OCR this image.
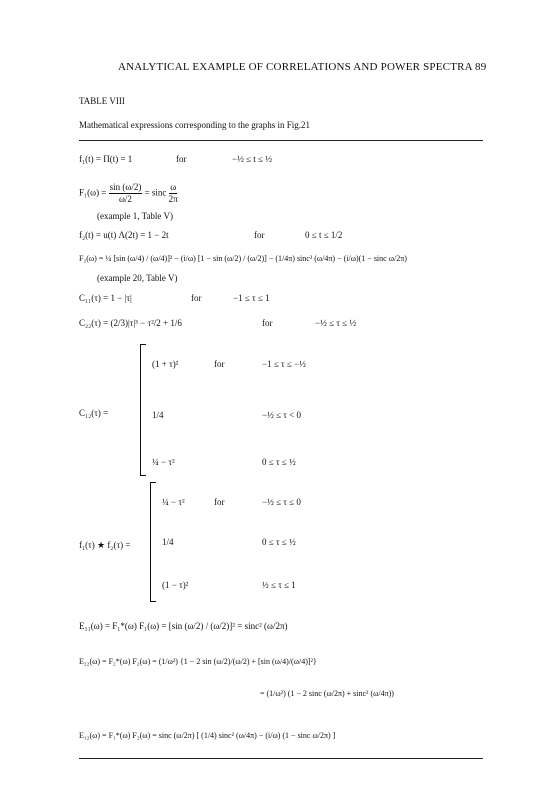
ANALYTICAL EXAMPLE OF CORRELATIONS AND POWER SPECTRA 89
TABLE VIII
Mathematical expressions corresponding to the graphs in Fig.21
f₁(t) = Π(t) = 1	for	−½ ≤ t ≤ ½
$F_1(\omega) = \frac{\sin (\omega/2)}{\omega/2} = \sin c \frac{\omega}{2\pi}$
(example 1, Table V)
f₂(t) = u(t) Λ(2t) = 1 − 2t	for	0 ≤ t ≤ 1/2
F₂(ω) = ¼ [sin (ω/4) / (ω/4)]² − (i/ω) [1 − sin (ω/2) / (ω/2)] − (1/4π) sinc² (ω/4π) − (i/ω)(1 − sinc ω/2π)
(example 20, Table V)
C₁₁(τ) = 1 − |τ|	for	−1 ≤ τ ≤ 1
C₂₂(τ) = (2/3)|τ|³ − τ²/2 + 1/6	for	−½ ≤ τ ≤ ½
C₁₂(τ) =
(1 + τ)²	for	−1 ≤ τ ≤ −½
1/4	−½ ≤ τ < 0
¼ − τ²	0 ≤ τ ≤ ½
f₁(τ) ★ f₂(τ) =
¼ − τ²	for	−½ ≤ τ ≤ 0
1/4	0 ≤ τ ≤ ½
(1 − τ)²	½ ≤ τ ≤ 1
E₁₁(ω) = F₁*(ω) F₁(ω) = [sin (ω/2) / (ω/2)]² = sinc² (ω/2π)
E₂₂(ω) = F₂*(ω) F₂(ω) = (1/ω²) {1 − 2 sin (ω/2)/(ω/2) + [sin (ω/4)/(ω/4)]²}
= (1/ω²) (1 − 2 sinc (ω/2π) + sinc² (ω/4π))
E₁₂(ω) = F₁*(ω) F₂(ω) = sinc (ω/2π) [ (1/4) sinc² (ω/4π) − (i/ω) (1 − sinc ω/2π) ]
